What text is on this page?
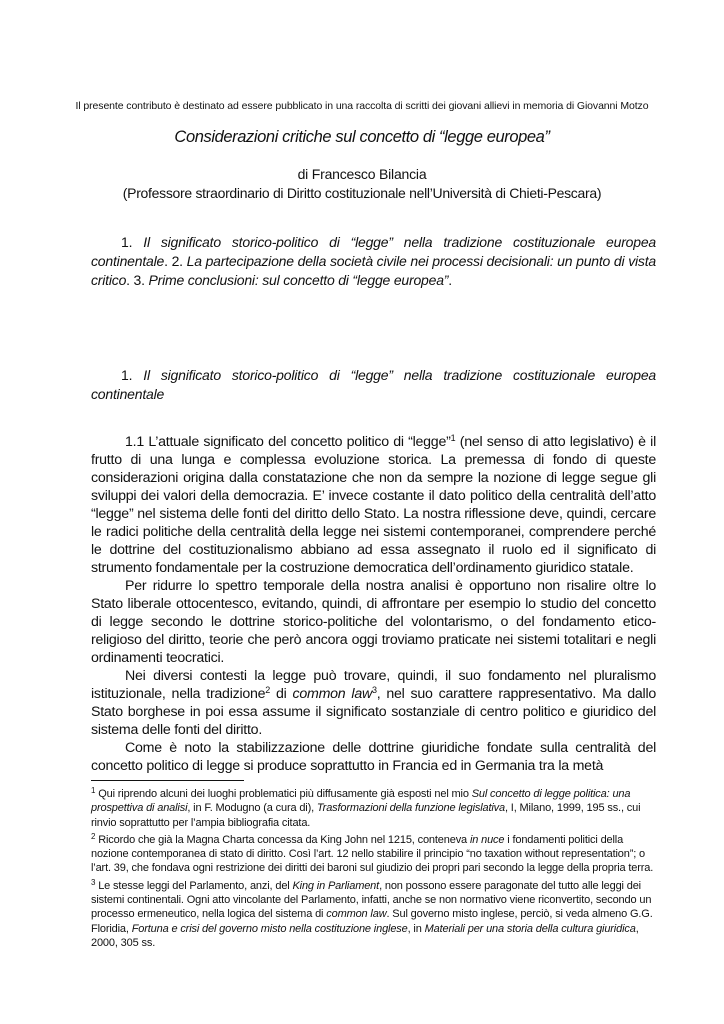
Il presente contributo è destinato ad essere pubblicato in una raccolta di scritti dei giovani allievi in memoria di Giovanni Motzo
Considerazioni critiche sul concetto di “legge europea”
di Francesco Bilancia
(Professore straordinario di Diritto costituzionale nell’Università di Chieti-Pescara)
1. Il significato storico-politico di “legge” nella tradizione costituzionale europea continentale. 2. La partecipazione della società civile nei processi decisionali: un punto di vista critico. 3. Prime conclusioni: sul concetto di “legge europea”.
1. Il significato storico-politico di “legge” nella tradizione costituzionale europea continentale

1.1 L’attuale significato del concetto politico di “legge”$^1$ (nel senso di atto legislativo) è il frutto di una lunga e complessa evoluzione storica. La premessa di fondo di queste considerazioni origina dalla constatazione che non da sempre la nozione di legge segue gli sviluppi dei valori della democrazia. E’ invece costante il dato politico della centralità dell’atto “legge” nel sistema delle fonti del diritto dello Stato. La nostra riflessione deve, quindi, cercare le radici politiche della centralità della legge nei sistemi contemporanei, comprendere perché le dottrine del costituzionalismo abbiano ad essa assegnato il ruolo ed il significato di strumento fondamentale per la costruzione democratica dell’ordinamento giuridico statale.

Per ridurre lo spettro temporale della nostra analisi è opportuno non risalire oltre lo Stato liberale ottocentesco, evitando, quindi, di affrontare per esempio lo studio del concetto di legge secondo le dottrine storico-politiche del volontarismo, o del fondamento etico-religioso del diritto, teorie che però ancora oggi troviamo praticate nei sistemi totalitari e negli ordinamenti teocratici.

Nei diversi contesti la legge può trovare, quindi, il suo fondamento nel pluralismo istituzionale, nella tradizione$^2$ di common law$^3$, nel suo carattere rappresentativo. Ma dallo Stato borghese in poi essa assume il significato sostanziale di centro politico e giuridico del sistema delle fonti del diritto.

Come è noto la stabilizzazione delle dottrine giuridiche fondate sulla centralità del concetto politico di legge si produce soprattutto in Francia ed in Germania tra la metà

$^1$ Qui riprendo alcuni dei luoghi problematici più diffusamente già esposti nel mio Sul concetto di legge politica: una prospettiva di analisi, in F. Modugno (a cura di), Trasformazioni della funzione legislativa, I, Milano, 1999, 195 ss., cui rinvio soprattutto per l’ampia bibliografia citata.

$^2$ Ricordo che già la Magna Charta concessa da King John nel 1215, conteneva in nuce i fondamenti politici della nozione contemporanea di stato di diritto. Così l’art. 12 nello stabilire il principio “no taxation without representation”; o l’art. 39, che fondava ogni restrizione dei diritti dei baroni sul giudizio dei propri pari secondo la legge della propria terra.

$^3$ Le stesse leggi del Parlamento, anzi, del King in Parliament, non possono essere paragonate del tutto alle leggi dei sistemi continentali. Ogni atto vincolante del Parlamento, infatti, anche se non normativo viene riconvertito, secondo un processo ermeneutico, nella logica del sistema di common law. Sul governo misto inglese, perciò, si veda almeno G.G. Floridia, Fortuna e crisi del governo misto nella costituzione inglese, in Materiali per una storia della cultura giuridica, 2000, 305 ss.
